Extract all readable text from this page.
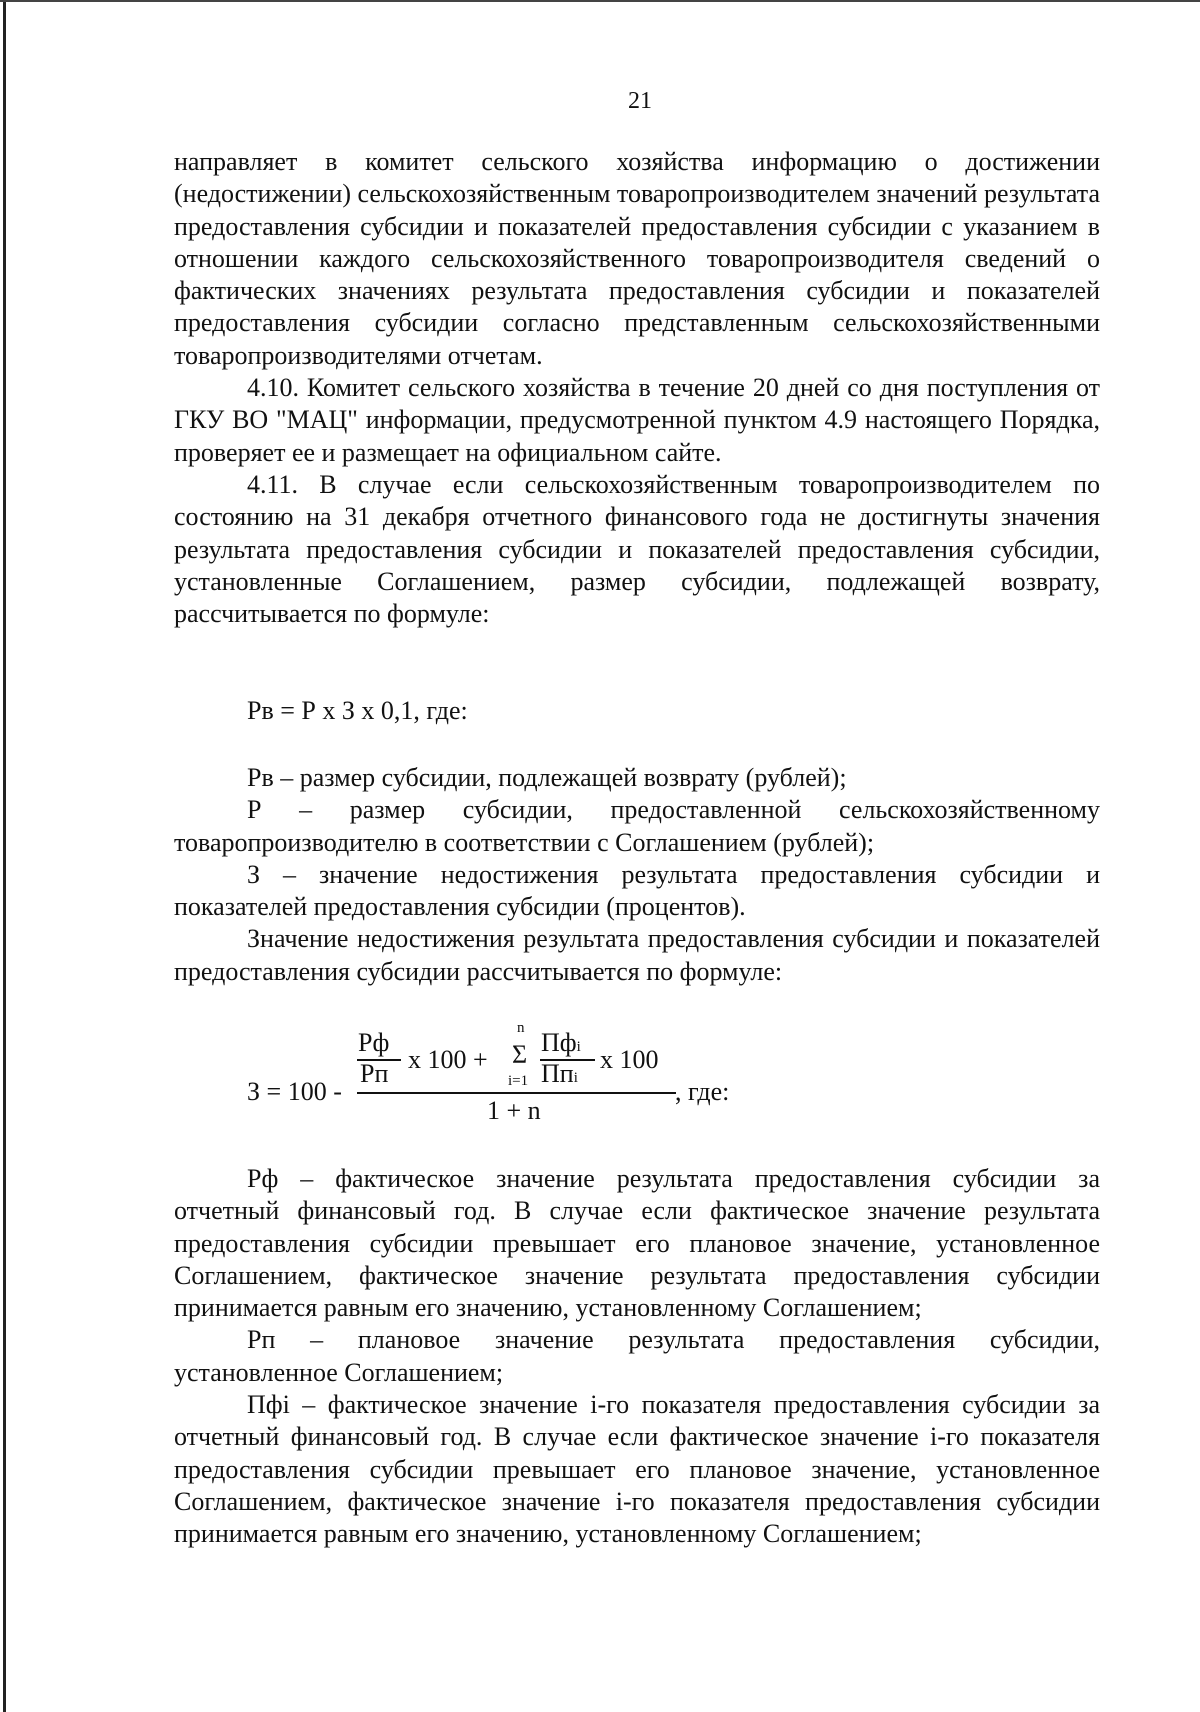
21

направляет в комитет сельского хозяйства информацию о достижении (недостижении) сельскохозяйственным товаропроизводителем значений результата предоставления субсидии и показателей предоставления субсидии с указанием в отношении каждого сельскохозяйственного товаропроизводителя сведений о фактических значениях результата предоставления субсидии и показателей предоставления субсидии согласно представленным сельскохозяйственными товаропроизводителями отчетам.

4.10. Комитет сельского хозяйства в течение 20 дней со дня поступления от ГКУ ВО "МАЦ" информации, предусмотренной пунктом 4.9 настоящего Порядка, проверяет ее и размещает на официальном сайте.

4.11. В случае если сельскохозяйственным товаропроизводителем по состоянию на 31 декабря отчетного финансового года не достигнуты значения результата предоставления субсидии и показателей предоставления субсидии, установленные Соглашением, размер субсидии, подлежащей возврату, рассчитывается по формуле:

Рв = Р х З х 0,1, где:

Рв – размер субсидии, подлежащей возврату (рублей);

Р – размер субсидии, предоставленной сельскохозяйственному товаропроизводителю в соответствии с Соглашением (рублей);

З – значение недостижения результата предоставления субсидии и показателей предоставления субсидии (процентов).

Значение недостижения результата предоставления субсидии и показателей предоставления субсидии рассчитывается по формуле:

З = 100 -
Рф
Рп х 100 +
n
Σ
i=1
Пфi
Ппi
х 100
1 + n
, где:

Рф – фактическое значение результата предоставления субсидии за отчетный финансовый год. В случае если фактическое значение результата предоставления субсидии превышает его плановое значение, установленное Соглашением, фактическое значение результата предоставления субсидии принимается равным его значению, установленному Соглашением;

Рп – плановое значение результата предоставления субсидии, установленное Соглашением;

Пфi – фактическое значение i-го показателя предоставления субсидии за отчетный финансовый год. В случае если фактическое значение i-го показателя предоставления субсидии превышает его плановое значение, установленное Соглашением, фактическое значение i-го показателя предоставления субсидии принимается равным его значению, установленному Соглашением;
